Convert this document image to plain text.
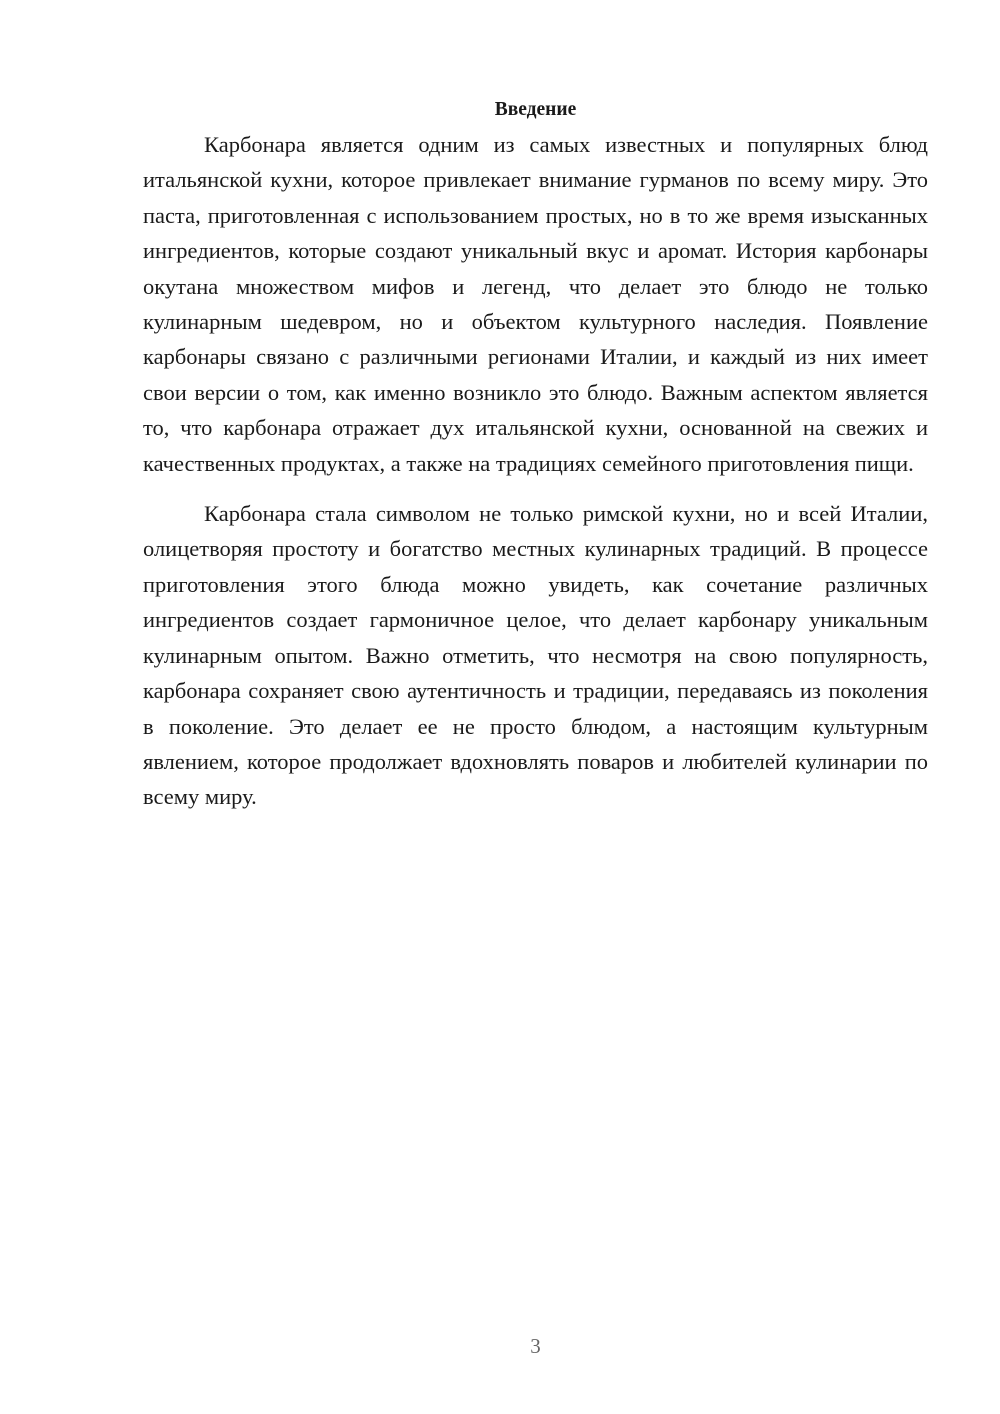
Введение

Карбонара является одним из самых известных и популярных блюд итальянской кухни, которое привлекает внимание гурманов по всему миру. Это паста, приготовленная с использованием простых, но в то же время изысканных ингредиентов, которые создают уникальный вкус и аромат. История карбонары окутана множеством мифов и легенд, что делает это блюдо не только кулинарным шедевром, но и объектом культурного наследия. Появление карбонары связано с различными регионами Италии, и каждый из них имеет свои версии о том, как именно возникло это блюдо. Важным аспектом является то, что карбонара отражает дух итальянской кухни, основанной на свежих и качественных продуктах, а также на традициях семейного приготовления пищи.

Карбонара стала символом не только римской кухни, но и всей Италии, олицетворяя простоту и богатство местных кулинарных традиций. В процессе приготовления этого блюда можно увидеть, как сочетание различных ингредиентов создает гармоничное целое, что делает карбонару уникальным кулинарным опытом. Важно отметить, что несмотря на свою популярность, карбонара сохраняет свою аутентичность и традиции, передаваясь из поколения в поколение. Это делает ее не просто блюдом, а настоящим культурным явлением, которое продолжает вдохновлять поваров и любителей кулинарии по всему миру.

3
